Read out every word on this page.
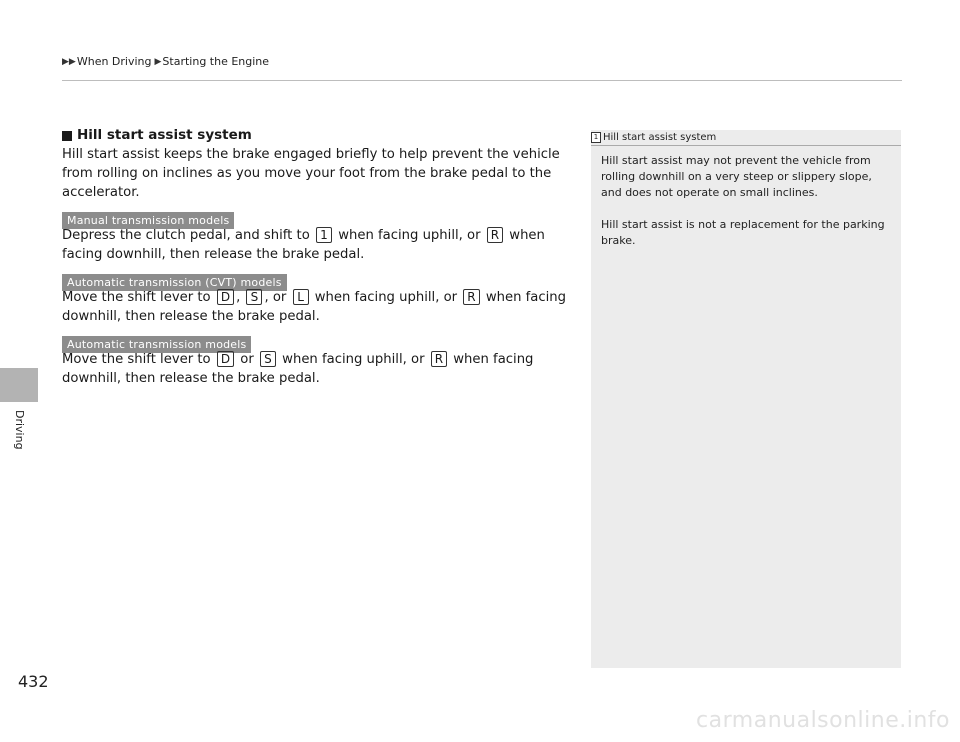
▶▶ When Driving ▶ Starting the Engine
Driving
432

Hill start assist system

Hill start assist keeps the brake engaged briefly to help prevent the vehicle from rolling on inclines as you move your foot from the brake pedal to the accelerator.

Manual transmission models

Depress the clutch pedal, and shift to 1 when facing uphill, or R when facing downhill, then release the brake pedal.

Automatic transmission (CVT) models

Move the shift lever to D , S , or L when facing uphill, or R when facing downhill, then release the brake pedal.

Automatic transmission models

Move the shift lever to D or S when facing uphill, or R when facing downhill, then release the brake pedal.

1 Hill start assist system

Hill start assist may not prevent the vehicle from rolling downhill on a very steep or slippery slope, and does not operate on small inclines.

Hill start assist is not a replacement for the parking brake.

carmanualsonline.info
